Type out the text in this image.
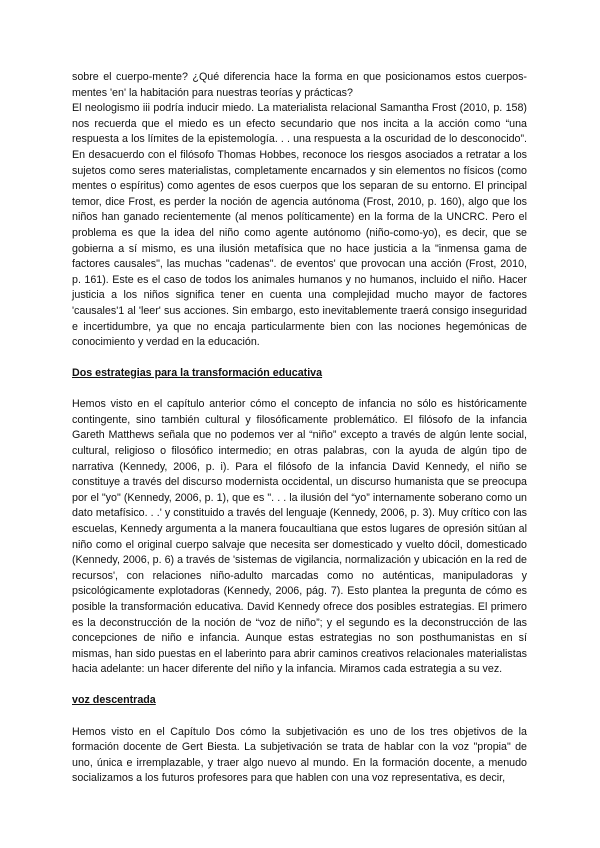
sobre el cuerpo-mente? ¿Qué diferencia hace la forma en que posicionamos estos cuerpos-mentes 'en' la habitación para nuestras teorías y prácticas?

El neologismo iii podría inducir miedo. La materialista relacional Samantha Frost (2010, p. 158) nos recuerda que el miedo es un efecto secundario que nos incita a la acción como “una respuesta a los límites de la epistemología. . . una respuesta a la oscuridad de lo desconocido”. En desacuerdo con el filósofo Thomas Hobbes, reconoce los riesgos asociados a retratar a los sujetos como seres materialistas, completamente encarnados y sin elementos no físicos (como mentes o espíritus) como agentes de esos cuerpos que los separan de su entorno. El principal temor, dice Frost, es perder la noción de agencia autónoma (Frost, 2010, p. 160), algo que los niños han ganado recientemente (al menos políticamente) en la forma de la UNCRC. Pero el problema es que la idea del niño como agente autónomo (niño-como-yo), es decir, que se gobierna a sí mismo, es una ilusión metafísica que no hace justicia a la "inmensa gama de factores causales", las muchas "cadenas". de eventos' que provocan una acción (Frost, 2010, p. 161). Este es el caso de todos los animales humanos y no humanos, incluido el niño. Hacer justicia a los niños significa tener en cuenta una complejidad mucho mayor de factores 'causales'1 al 'leer' sus acciones. Sin embargo, esto inevitablemente traerá consigo inseguridad e incertidumbre, ya que no encaja particularmente bien con las nociones hegemónicas de conocimiento y verdad en la educación.

Dos estrategias para la transformación educativa

Hemos visto en el capítulo anterior cómo el concepto de infancia no sólo es históricamente contingente, sino también cultural y filosóficamente problemático. El filósofo de la infancia Gareth Matthews señala que no podemos ver al “niño” excepto a través de algún lente social, cultural, religioso o filosófico intermedio; en otras palabras, con la ayuda de algún tipo de narrativa (Kennedy, 2006, p. i). Para el filósofo de la infancia David Kennedy, el niño se constituye a través del discurso modernista occidental, un discurso humanista que se preocupa por el "yo" (Kennedy, 2006, p. 1), que es ". . . la ilusión del “yo” internamente soberano como un dato metafísico. . .' y constituido a través del lenguaje (Kennedy, 2006, p. 3). Muy crítico con las escuelas, Kennedy argumenta a la manera foucaultiana que estos lugares de opresión sitúan al niño como el original cuerpo salvaje que necesita ser domesticado y vuelto dócil, domesticado (Kennedy, 2006, p. 6) a través de 'sistemas de vigilancia, normalización y ubicación en la red de recursos', con relaciones niño-adulto marcadas como no auténticas, manipuladoras y psicológicamente explotadoras (Kennedy, 2006, pág. 7). Esto plantea la pregunta de cómo es posible la transformación educativa. David Kennedy ofrece dos posibles estrategias. El primero es la deconstrucción de la noción de “voz de niño”; y el segundo es la deconstrucción de las concepciones de niño e infancia. Aunque estas estrategias no son posthumanistas en sí mismas, han sido puestas en el laberinto para abrir caminos creativos relacionales materialistas hacia adelante: un hacer diferente del niño y la infancia. Miramos cada estrategia a su vez.

voz descentrada

Hemos visto en el Capítulo Dos cómo la subjetivación es uno de los tres objetivos de la formación docente de Gert Biesta. La subjetivación se trata de hablar con la voz "propia" de uno, única e irremplazable, y traer algo nuevo al mundo. En la formación docente, a menudo socializamos a los futuros profesores para que hablen con una voz representativa, es decir,
